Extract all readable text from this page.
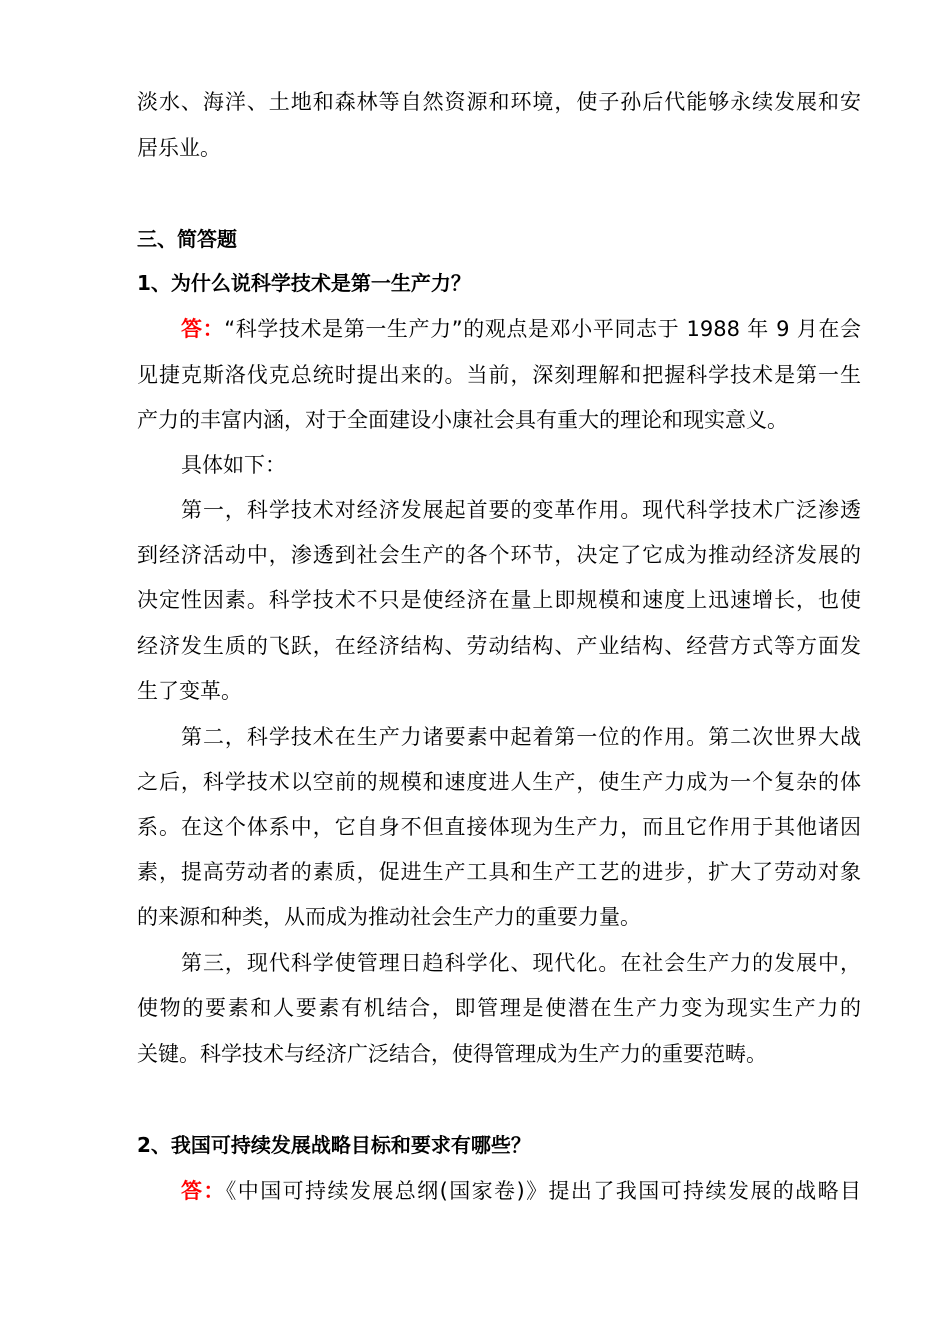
淡水、海洋、土地和森林等自然资源和环境，使子孙后代能够永续发展和安
居乐业。
三、简答题
1、为什么说科学技术是第一生产力？
答：“科学技术是第一生产力”的观点是邓小平同志于 1988 年 9 月在会
见捷克斯洛伐克总统时提出来的。当前，深刻理解和把握科学技术是第一生
产力的丰富内涵，对于全面建设小康社会具有重大的理论和现实意义。
具体如下：
第一，科学技术对经济发展起首要的变革作用。现代科学技术广泛渗透
到经济活动中，渗透到社会生产的各个环节，决定了它成为推动经济发展的
决定性因素。科学技术不只是使经济在量上即规模和速度上迅速增长，也使
经济发生质的飞跃，在经济结构、劳动结构、产业结构、经营方式等方面发
生了变革。
第二，科学技术在生产力诸要素中起着第一位的作用。第二次世界大战
之后，科学技术以空前的规模和速度进人生产，使生产力成为一个复杂的体
系。在这个体系中，它自身不但直接体现为生产力，而且它作用于其他诸因
素，提高劳动者的素质，促进生产工具和生产工艺的进步，扩大了劳动对象
的来源和种类，从而成为推动社会生产力的重要力量。
第三，现代科学使管理日趋科学化、现代化。在社会生产力的发展中，
使物的要素和人要素有机结合，即管理是使潜在生产力变为现实生产力的
关键。科学技术与经济广泛结合，使得管理成为生产力的重要范畴。
2、我国可持续发展战略目标和要求有哪些？
答：《中国可持续发展总纲(国家卷)》提出了我国可持续发展的战略目
